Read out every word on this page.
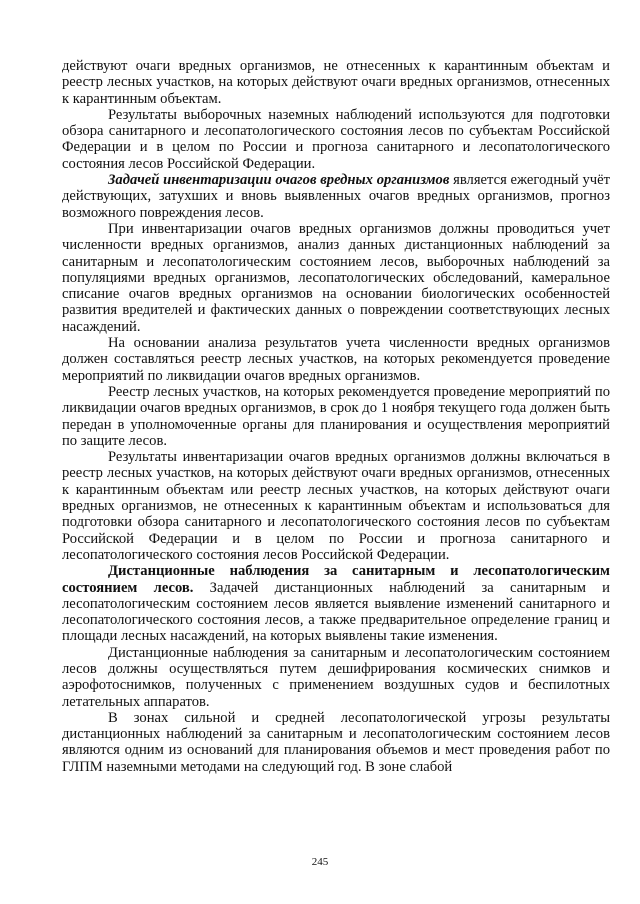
действуют очаги вредных организмов, не отнесенных к карантинным объектам и реестр лесных участков, на которых действуют очаги вредных организмов, отнесенных к карантинным объектам.

Результаты выборочных наземных наблюдений используются для подготовки обзора санитарного и лесопатологического состояния лесов по субъектам Российской Федерации и в целом по России и прогноза санитарного и лесопатологического состояния лесов Российской Федерации.

Задачей инвентаризации очагов вредных организмов является ежегодный учёт действующих, затухших и вновь выявленных очагов вредных организмов, прогноз возможного повреждения лесов.

При инвентаризации очагов вредных организмов должны проводиться учет численности вредных организмов, анализ данных дистанционных наблюдений за санитарным и лесопатологическим состоянием лесов, выборочных наблюдений за популяциями вредных организмов, лесопатологических обследований, камеральное списание очагов вредных организмов на основании биологических особенностей развития вредителей и фактических данных о повреждении соответствующих лесных насаждений.

На основании анализа результатов учета численности вредных организмов должен составляться реестр лесных участков, на которых рекомендуется проведение мероприятий по ликвидации очагов вредных организмов.

Реестр лесных участков, на которых рекомендуется проведение мероприятий по ликвидации очагов вредных организмов, в срок до 1 ноября текущего года должен быть передан в уполномоченные органы для планирования и осуществления мероприятий по защите лесов.

Результаты инвентаризации очагов вредных организмов должны включаться в реестр лесных участков, на которых действуют очаги вредных организмов, отнесенных к карантинным объектам или реестр лесных участков, на которых действуют очаги вредных организмов, не отнесенных к карантинным объектам и использоваться для подготовки обзора санитарного и лесопатологического состояния лесов по субъектам Российской Федерации и в целом по России и прогноза санитарного и лесопатологического состояния лесов Российской Федерации.

Дистанционные наблюдения за санитарным и лесопатологическим состоянием лесов. Задачей дистанционных наблюдений за санитарным и лесопатологическим состоянием лесов является выявление изменений санитарного и лесопатологического состояния лесов, а также предварительное определение границ и площади лесных насаждений, на которых выявлены такие изменения.

Дистанционные наблюдения за санитарным и лесопатологическим состоянием лесов должны осуществляться путем дешифрирования космических снимков и аэрофотоснимков, полученных с применением воздушных судов и беспилотных летательных аппаратов.

В зонах сильной и средней лесопатологической угрозы результаты дистанционных наблюдений за санитарным и лесопатологическим состоянием лесов являются одним из оснований для планирования объемов и мест проведения работ по ГЛПМ наземными методами на следующий год. В зоне слабой

245
